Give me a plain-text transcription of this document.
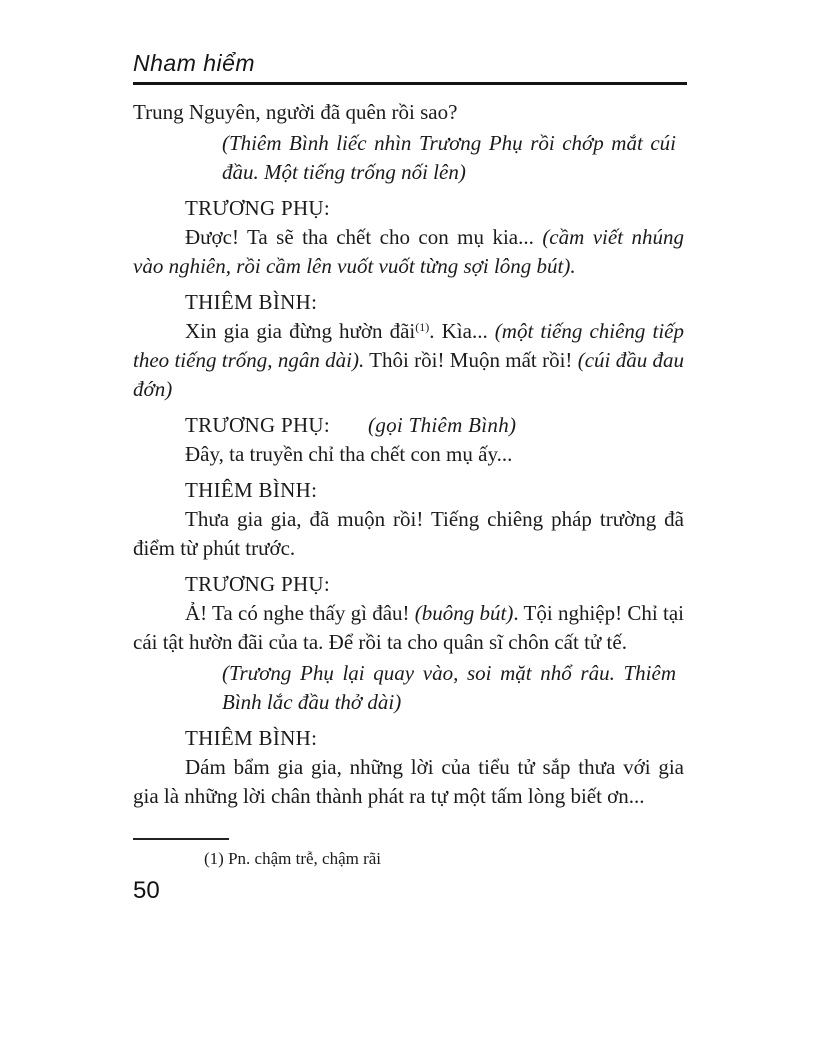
Nham hiểm
Trung Nguyên, người đã quên rồi sao?
(Thiêm Bình liếc nhìn Trương Phụ rồi chớp mắt cúi đầu. Một tiếng trống nối lên)
TRƯƠNG PHỤ:
Được! Ta sẽ tha chết cho con mụ kia... (cầm viết nhúng vào nghiên, rồi cầm lên vuốt vuốt từng sợi lông bút).
THIÊM BÌNH:
Xin gia gia đừng hườn đãi$^{(1)}$. Kìa... (một tiếng chiêng tiếp theo tiếng trống, ngân dài). Thôi rồi! Muộn mất rồi! (cúi đầu đau đớn)
TRƯƠNG PHỤ: (gọi Thiêm Bình)
Đây, ta truyền chỉ tha chết con mụ ấy...
THIÊM BÌNH:
Thưa gia gia, đã muộn rồi! Tiếng chiêng pháp trường đã điểm từ phút trước.
TRƯƠNG PHỤ:
Ả! Ta có nghe thấy gì đâu! (buông bút). Tội nghiệp! Chỉ tại cái tật hườn đãi của ta. Để rồi ta cho quân sĩ chôn cất tử tế.
(Trương Phụ lại quay vào, soi mặt nhổ râu. Thiêm Bình lắc đầu thở dài)
THIÊM BÌNH:
Dám bẩm gia gia, những lời của tiểu tử sắp thưa với gia gia là những lời chân thành phát ra tự một tấm lòng biết ơn...
(1) Pn. chậm trễ, chậm rãi
50
